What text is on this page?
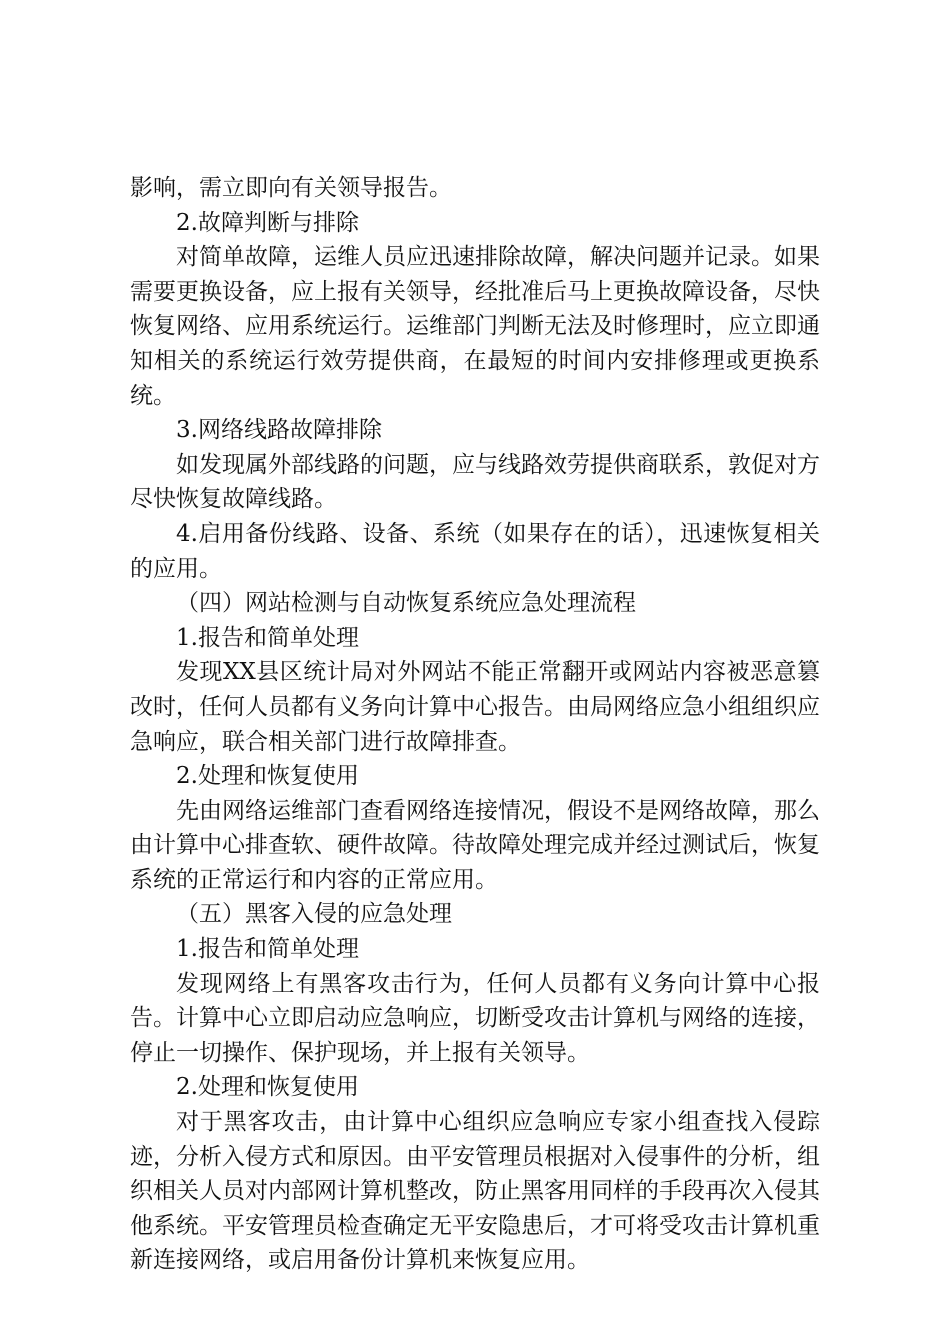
影响，需立即向有关领导报告。

2.故障判断与排除

对简单故障，运维人员应迅速排除故障，解决问题并记录。如果需要更换设备，应上报有关领导，经批准后马上更换故障设备，尽快恢复网络、应用系统运行。运维部门判断无法及时修理时，应立即通知相关的系统运行效劳提供商，在最短的时间内安排修理或更换系统。

3.网络线路故障排除

如发现属外部线路的问题，应与线路效劳提供商联系，敦促对方尽快恢复故障线路。

4.启用备份线路、设备、系统（如果存在的话），迅速恢复相关的应用。

（四）网站检测与自动恢复系统应急处理流程

1.报告和简单处理

发现XX县区统计局对外网站不能正常翻开或网站内容被恶意篡改时，任何人员都有义务向计算中心报告。由局网络应急小组组织应急响应，联合相关部门进行故障排查。

2.处理和恢复使用

先由网络运维部门查看网络连接情况，假设不是网络故障，那么由计算中心排查软、硬件故障。待故障处理完成并经过测试后，恢复系统的正常运行和内容的正常应用。

（五）黑客入侵的应急处理

1.报告和简单处理

发现网络上有黑客攻击行为，任何人员都有义务向计算中心报告。计算中心立即启动应急响应，切断受攻击计算机与网络的连接，停止一切操作、保护现场，并上报有关领导。

2.处理和恢复使用

对于黑客攻击，由计算中心组织应急响应专家小组查找入侵踪迹，分析入侵方式和原因。由平安管理员根据对入侵事件的分析，组织相关人员对内部网计算机整改，防止黑客用同样的手段再次入侵其他系统。平安管理员检查确定无平安隐患后，才可将受攻击计算机重新连接网络，或启用备份计算机来恢复应用。
